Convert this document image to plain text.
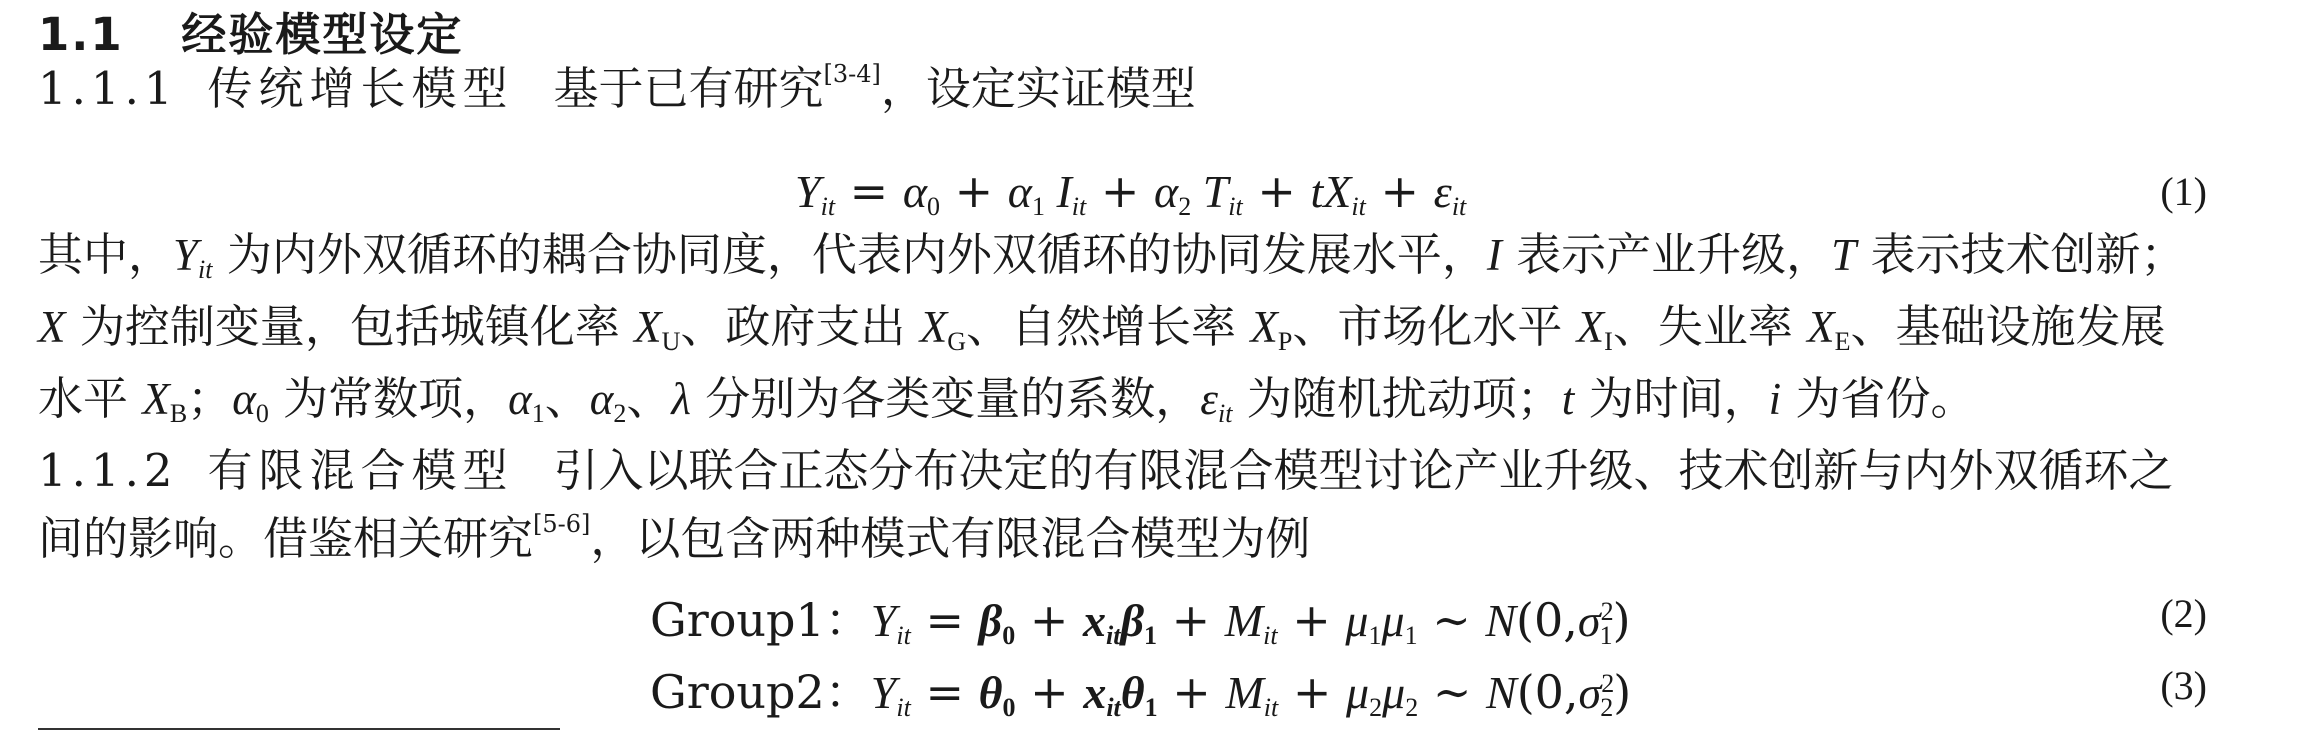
1.1 经验模型设定
1.1.1 传统增长模型 基于已有研究[3-4]，设定实证模型
$Y_{it} = \alpha_0 + \alpha_1$ $I_{it} + \alpha_2$ $T_{it} + tX_{it} + \varepsilon_{it}$	(1)
其中，$Y_{it}$ 为内外双循环的耦合协同度，代表内外双循环的协同发展水平，I 表示产业升级，T 表示技术创新；
X 为控制变量，包括城镇化率 $X_U$、政府支出 $X_G$、自然增长率 $X_P$、市场化水平 $X_I$、失业率 $X_E$、基础设施发展
水平 $X_B$；$\alpha_0$ 为常数项，$\alpha_1$、$\alpha_2$、λ 分别为各类变量的系数，$\varepsilon_{it}$ 为随机扰动项；t 为时间，i 为省份。
1.1.2 有限混合模型 引入以联合正态分布决定的有限混合模型讨论产业升级、技术创新与内外双循环之
间的影响。借鉴相关研究[5-6]，以包含两种模式有限混合模型为例
Group1：$Y_{it} = \beta_0 + x_{it}\beta_1 + M_{it} + \mu_1\mu_1$ ∼ $N(0,\sigma^2_1)$	(2)
Group2：$Y_{it} = \theta_0 + x_{it}\theta_1 + M_{it} + \mu_2\mu_2$ ∼ $N(0,\sigma^2_2)$	(3)
